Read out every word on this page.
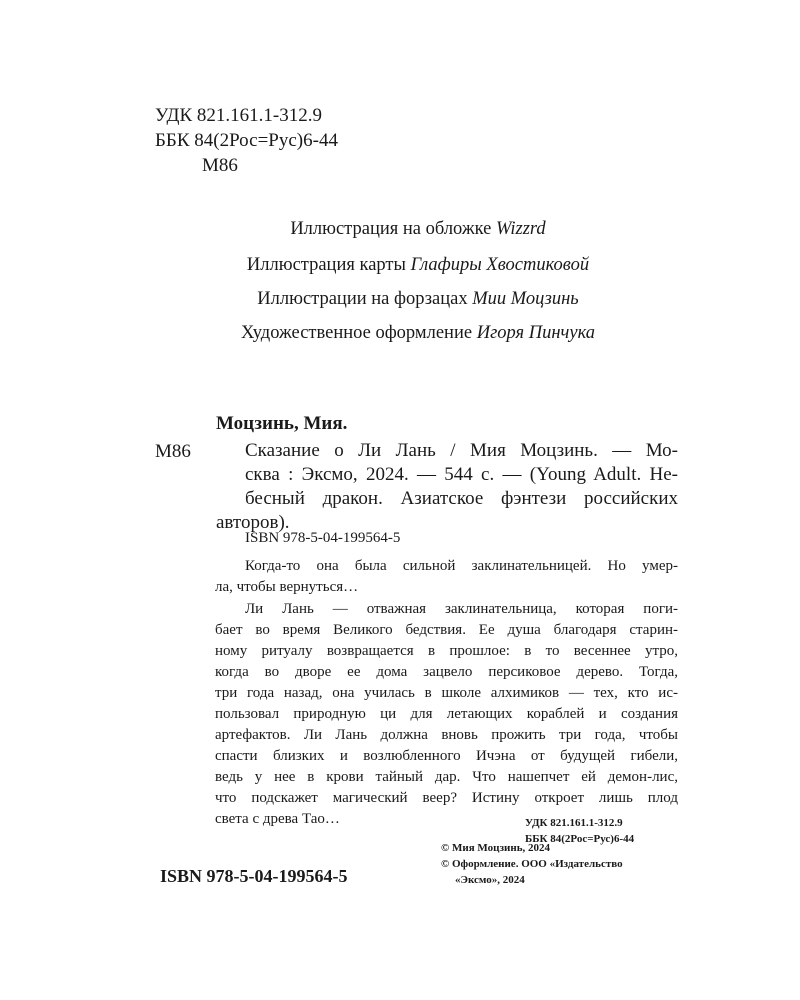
УДК 821.161.1-312.9
ББК 84(2Рос=Рус)6-44
М86
Иллюстрация на обложке Wizzrd
Иллюстрация карты Глафиры Хвостиковой
Иллюстрации на форзацах Мии Моцзинь
Художественное оформление Игоря Пинчука
Моцзинь, Мия.
М86	Сказание о Ли Лань / Мия Моцзинь. — Мо-
сква : Эксмо, 2024. — 544 с. — (Young Adult. Не-
бесный дракон. Азиатское фэнтези российских
авторов).
ISBN 978-5-04-199564-5
Когда-то она была сильной заклинательницей. Но умер-
ла, чтобы вернуться…
Ли Лань — отважная заклинательница, которая поги-
бает во время Великого бедствия. Ее душа благодаря старин-
ному ритуалу возвращается в прошлое: в то весеннее утро,
когда во дворе ее дома зацвело персиковое дерево. Тогда,
три года назад, она училась в школе алхимиков — тех, кто ис-
пользовал природную ци для летающих кораблей и создания
артефактов. Ли Лань должна вновь прожить три года, чтобы
спасти близких и возлюбленного Ичэна от будущей гибели,
ведь у нее в крови тайный дар. Что нашепчет ей демон-лис,
что подскажет магический веер? Истину откроет лишь плод
света с древа Тао…	УДК 821.161.1-312.9
ББК 84(2Рос=Рус)6-44
ISBN 978-5-04-199564-5
© Мия Моцзинь, 2024
© Оформление. ООО «Издательство
«Эксмо», 2024
